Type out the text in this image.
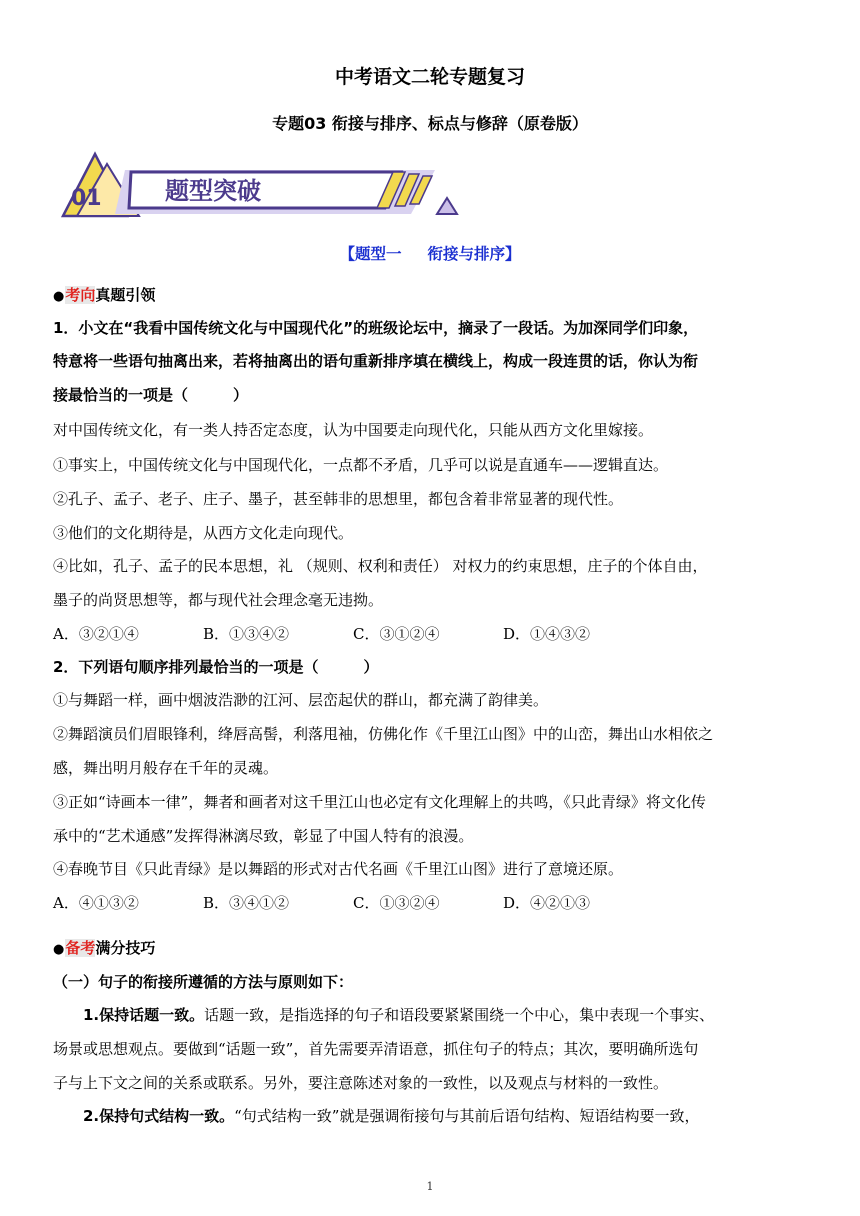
中考语文二轮专题复习
专题03 衔接与排序、标点与修辞（原卷版）
01	题型突破
【题型一 衔接与排序】
●考向真题引领
1．小文在“我看中国传统文化与中国现代化”的班级论坛中，摘录了一段话。为加深同学们印象，
特意将一些语句抽离出来，若将抽离出的语句重新排序填在横线上，构成一段连贯的话，你认为衔
接最恰当的一项是（　　　）
对中国传统文化，有一类人持否定态度，认为中国要走向现代化，只能从西方文化里嫁接。
①事实上，中国传统文化与中国现代化，一点都不矛盾，几乎可以说是直通车——逻辑直达。
②孔子、孟子、老子、庄子、墨子，甚至韩非的思想里，都包含着非常显著的现代性。
③他们的文化期待是，从西方文化走向现代。
④比如，孔子、孟子的民本思想，礼 （规则、权利和责任） 对权力的约束思想，庄子的个体自由，
墨子的尚贤思想等，都与现代社会理念毫无违拗。
A．③②①④	B．①③④②	C．③①②④	D．①④③②
2．下列语句顺序排列最恰当的一项是（　　　）
①与舞蹈一样，画中烟波浩渺的江河、层峦起伏的群山，都充满了韵律美。
②舞蹈演员们眉眼锋利，绛唇高髻，利落甩袖，仿佛化作《千里江山图》中的山峦，舞出山水相依之
感，舞出明月般存在千年的灵魂。
③正如“诗画本一律”，舞者和画者对这千里江山也必定有文化理解上的共鸣，《只此青绿》将文化传
承中的“艺术通感”发挥得淋漓尽致，彰显了中国人特有的浪漫。
④春晚节目《只此青绿》是以舞蹈的形式对古代名画《千里江山图》进行了意境还原。
A．④①③②	B．③④①②	C．①③②④	D．④②①③
●备考满分技巧
（一）句子的衔接所遵循的方法与原则如下：
1.保持话题一致。话题一致，是指选择的句子和语段要紧紧围绕一个中心，集中表现一个事实、
场景或思想观点。要做到“话题一致”，首先需要弄清语意，抓住句子的特点；其次，要明确所选句
子与上下文之间的关系或联系。另外，要注意陈述对象的一致性，以及观点与材料的一致性。
2.保持句式结构一致。“句式结构一致”就是强调衔接句与其前后语句结构、短语结构要一致，
1
